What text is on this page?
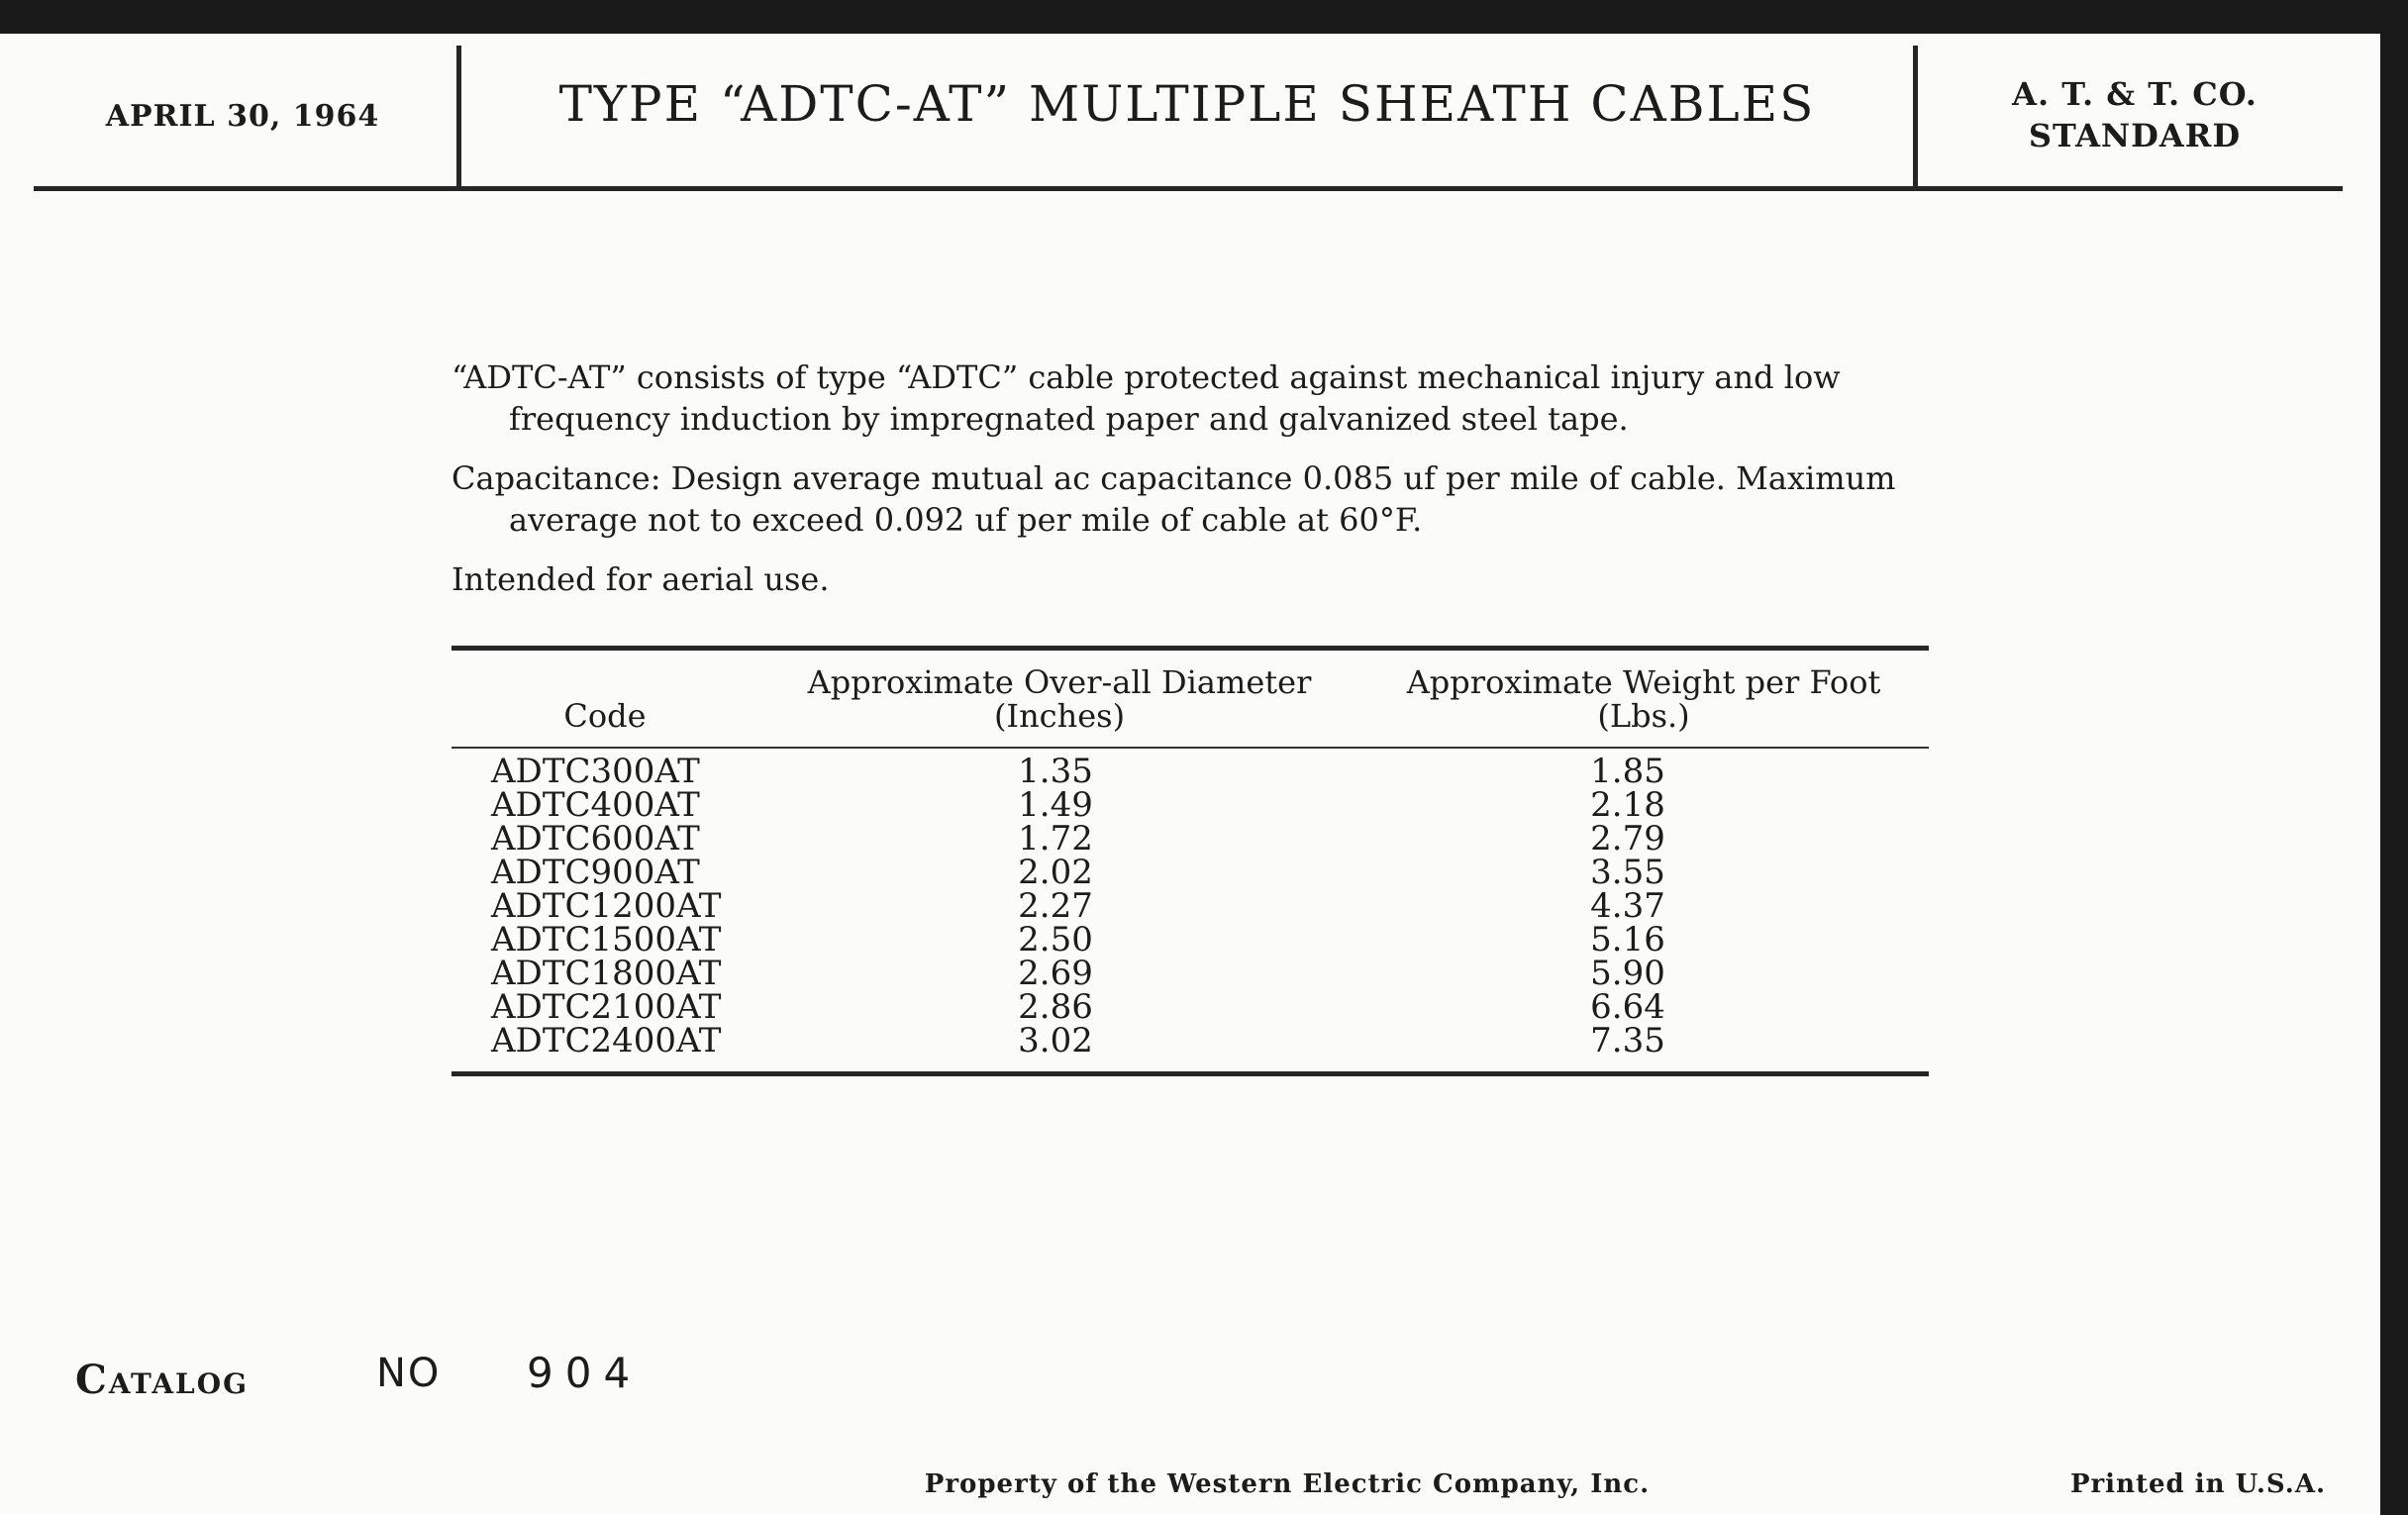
APRIL 30, 1964	TYPE “ADTC-AT” MULTIPLE SHEATH CABLES	A. T. & T. CO.
STANDARD
“ADTC-AT” consists of type “ADTC” cable protected against mechanical injury and low
frequency induction by impregnated paper and galvanized steel tape.
Capacitance: Design average mutual ac capacitance 0.085 uf per mile of cable. Maximum
average not to exceed 0.092 uf per mile of cable at 60°F.
Intended for aerial use.
Code
Approximate Over-all Diameter
(Inches)
Approximate Weight per Foot
(Lbs.)
ADTC300AT	1.35	1.85
ADTC400AT	1.49	2.18
ADTC600AT	1.72	2.79
ADTC900AT	2.02	3.55
ADTC1200AT	2.27	4.37
ADTC1500AT	2.50	5.16
ADTC1800AT	2.69	5.90
ADTC2100AT	2.86	6.64
ADTC2400AT	3.02	7.35
Catalog	NO 904
Property of the Western Electric Company, Inc.	Printed in U.S.A.
